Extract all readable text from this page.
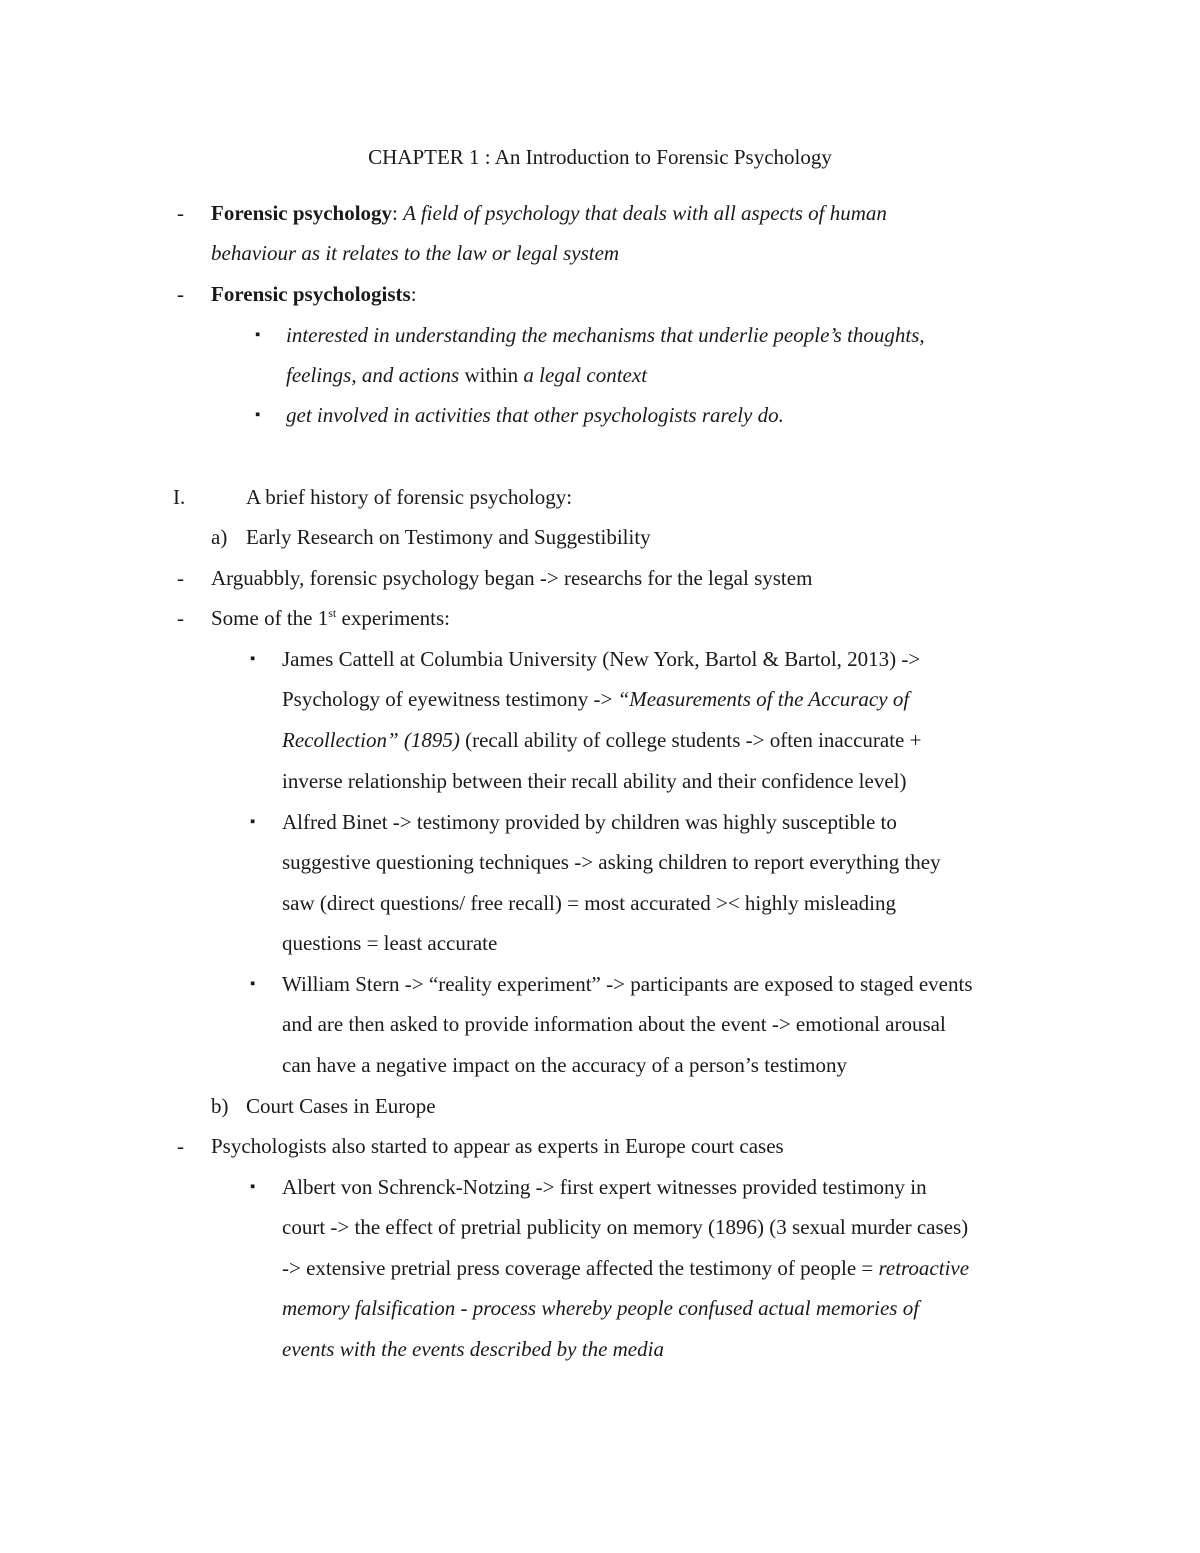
CHAPTER 1 : An Introduction to Forensic Psychology
- Forensic psychology: A field of psychology that deals with all aspects of human
behaviour as it relates to the law or legal system
- Forensic psychologists:
▪ interested in understanding the mechanisms that underlie people’s thoughts,
feelings, and actions within a legal context
▪ get involved in activities that other psychologists rarely do.
I.	A brief history of forensic psychology:
a) Early Research on Testimony and Suggestibility
- Arguabbly, forensic psychology began -> researchs for the legal system
- Some of the 1st experiments:
▪ James Cattell at Columbia University (New York, Bartol & Bartol, 2013) ->
Psychology of eyewitness testimony -> “Measurements of the Accuracy of
Recollection” (1895) (recall ability of college students -> often inaccurate +
inverse relationship between their recall ability and their confidence level)
▪ Alfred Binet -> testimony provided by children was highly susceptible to
suggestive questioning techniques -> asking children to report everything they
saw (direct questions/ free recall) = most accurated >< highly misleading
questions = least accurate
▪ William Stern -> “reality experiment” -> participants are exposed to staged events
and are then asked to provide information about the event -> emotional arousal
can have a negative impact on the accuracy of a person’s testimony
b) Court Cases in Europe
- Psychologists also started to appear as experts in Europe court cases
▪ Albert von Schrenck-Notzing -> first expert witnesses provided testimony in
court -> the effect of pretrial publicity on memory (1896) (3 sexual murder cases)
-> extensive pretrial press coverage affected the testimony of people = retroactive
memory falsification - process whereby people confused actual memories of
events with the events described by the media
